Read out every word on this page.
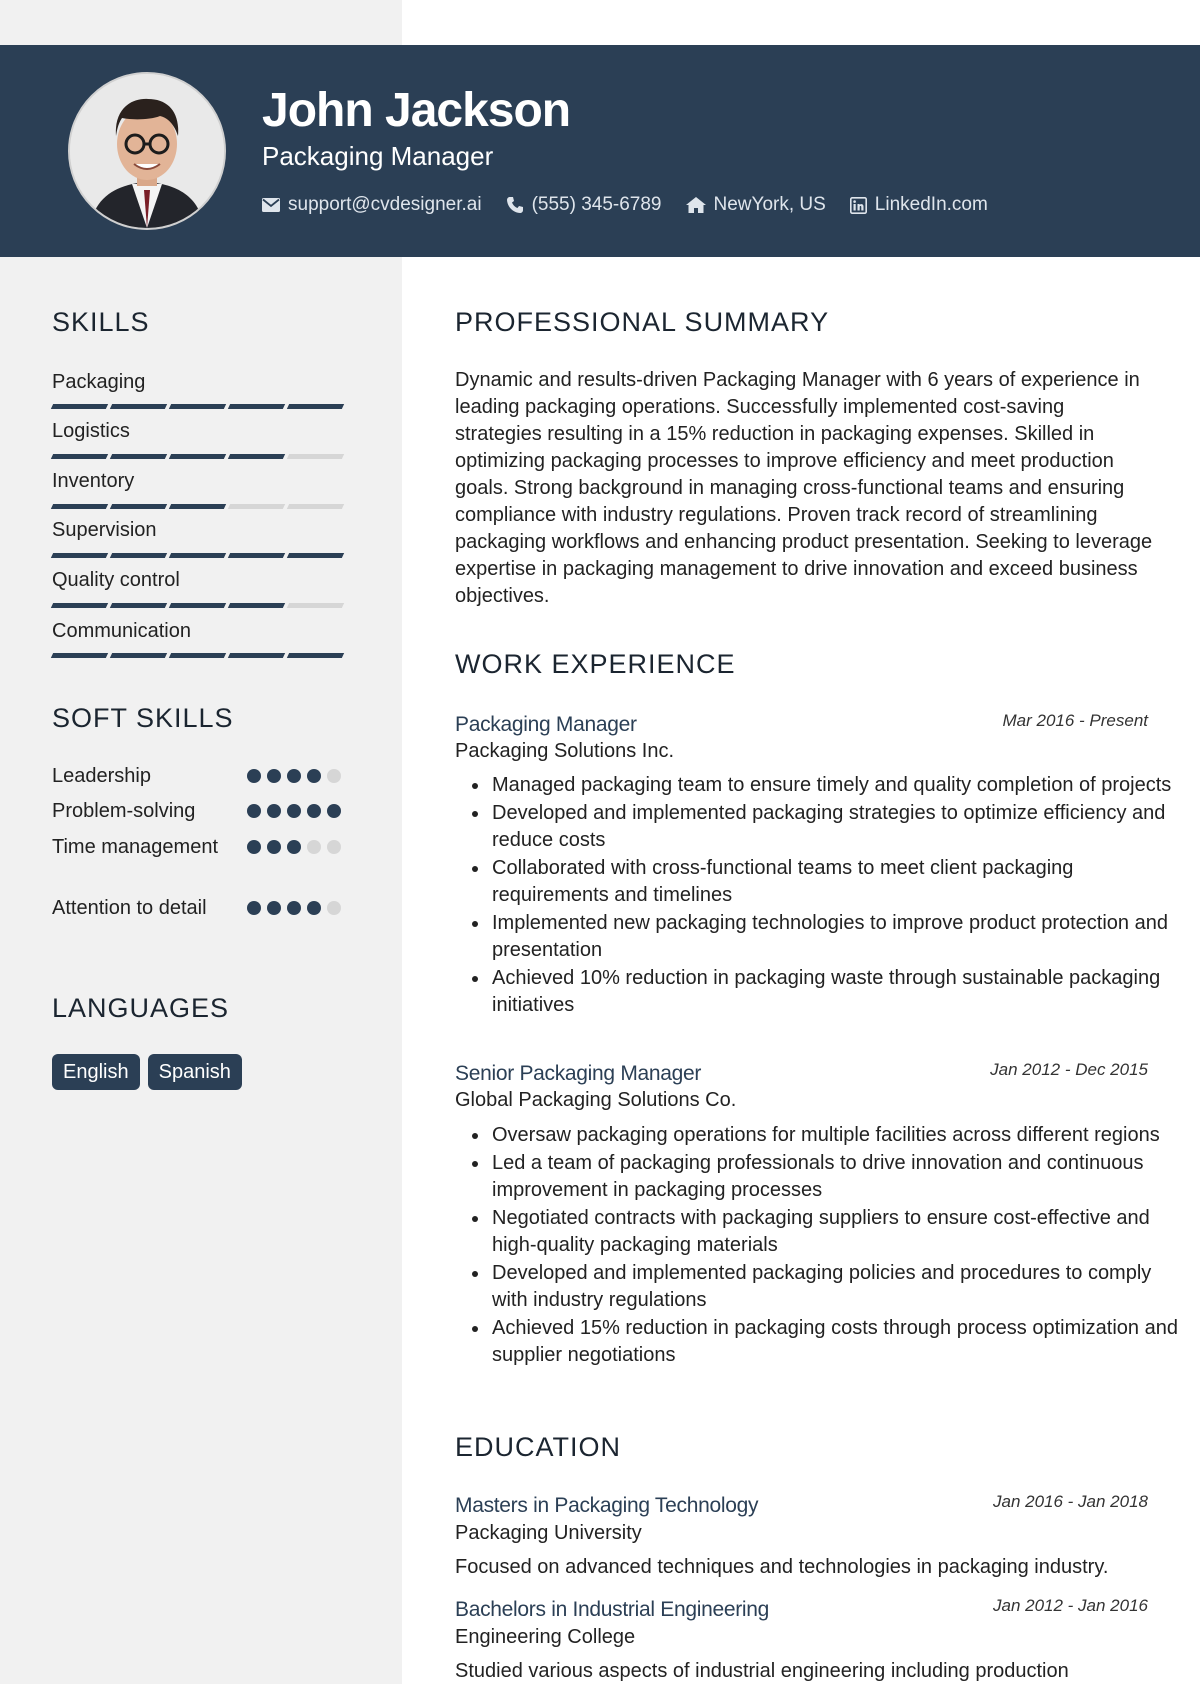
John Jackson
Packaging Manager
support@cvdesigner.ai	(555) 345-6789	NewYork, US	LinkedIn.com
SKILLS
Packaging
Logistics
Inventory
Supervision
Quality control
Communication
SOFT SKILLS
Leadership
Problem-solving
Time management
Attention to detail
LANGUAGES
English	Spanish
PROFESSIONAL SUMMARY

Dynamic and results-driven Packaging Manager with 6 years of experience in leading packaging operations. Successfully implemented cost-saving strategies resulting in a 15% reduction in packaging expenses. Skilled in optimizing packaging processes to improve efficiency and meet production goals. Strong background in managing cross-functional teams and ensuring compliance with industry regulations. Proven track record of streamlining packaging workflows and enhancing product presentation. Seeking to leverage expertise in packaging management to drive innovation and exceed business objectives.

WORK EXPERIENCE
Packaging Manager	Mar 2016 - Present
Packaging Solutions Inc.
Managed packaging team to ensure timely and quality completion of projects
Developed and implemented packaging strategies to optimize efficiency and reduce costs
Collaborated with cross-functional teams to meet client packaging requirements and timelines
Implemented new packaging technologies to improve product protection and presentation
Achieved 10% reduction in packaging waste through sustainable packaging initiatives
Senior Packaging Manager	Jan 2012 - Dec 2015
Global Packaging Solutions Co.
Oversaw packaging operations for multiple facilities across different regions
Led a team of packaging professionals to drive innovation and continuous improvement in packaging processes
Negotiated contracts with packaging suppliers to ensure cost-effective and high-quality packaging materials
Developed and implemented packaging policies and procedures to comply with industry regulations
Achieved 15% reduction in packaging costs through process optimization and supplier negotiations
EDUCATION
Masters in Packaging Technology	Jan 2016 - Jan 2018
Packaging University
Focused on advanced techniques and technologies in packaging industry.
Bachelors in Industrial Engineering	Jan 2012 - Jan 2016
Engineering College
Studied various aspects of industrial engineering including production
